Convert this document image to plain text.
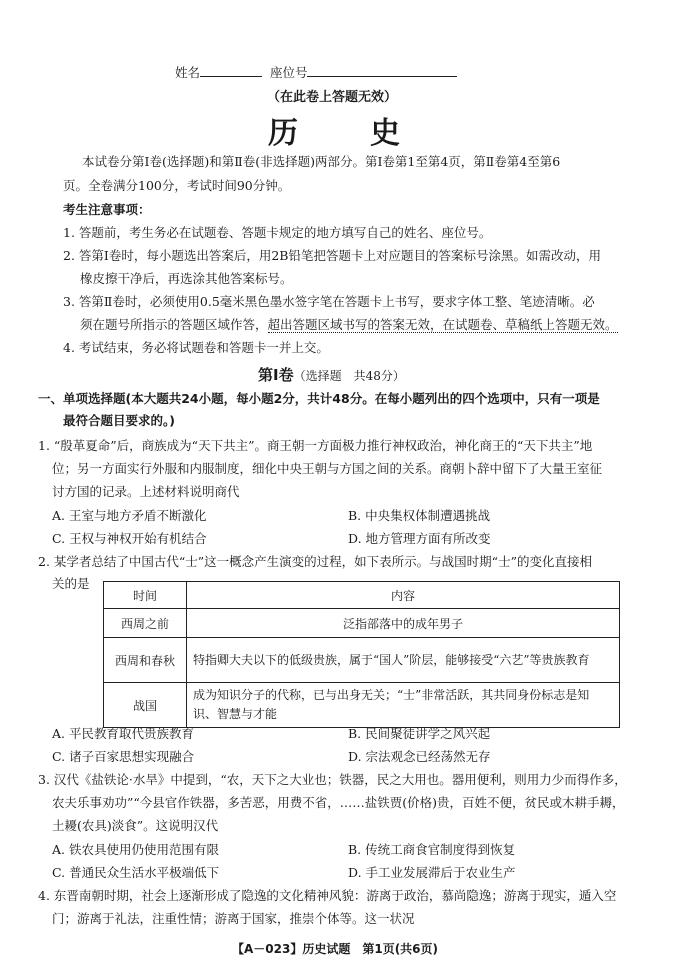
姓名	座位号
（在此卷上答题无效）
历　　史
本试卷分第Ⅰ卷(选择题)和第Ⅱ卷(非选择题)两部分。第Ⅰ卷第1至第4页，第Ⅱ卷第4至第6
页。全卷满分100分，考试时间90分钟。
考生注意事项：
1. 答题前，考生务必在试题卷、答题卡规定的地方填写自己的姓名、座位号。
2. 答第Ⅰ卷时，每小题选出答案后，用2B铅笔把答题卡上对应题目的答案标号涂黑。如需改动，用
橡皮擦干净后，再选涂其他答案标号。
3. 答第Ⅱ卷时，必须使用0.5毫米黑色墨水签字笔在答题卡上书写，要求字体工整、笔迹清晰。必
须在题号所指示的答题区域作答，超出答题区域书写的答案无效，在试题卷、草稿纸上答题无效。
4. 考试结束，务必将试题卷和答题卡一并上交。
第Ⅰ卷（选择题　共48分）
一、单项选择题(本大题共24小题，每小题2分，共计48分。在每小题列出的四个选项中，只有一项是
最符合题目要求的。)
1. “殷革夏命”后，商族成为“天下共主”。商王朝一方面极力推行神权政治，神化商王的“天下共主”地
位；另一方面实行外服和内服制度，细化中央王朝与方国之间的关系。商朝卜辞中留下了大量王室征
讨方国的记录。上述材料说明商代
A. 王室与地方矛盾不断激化	B. 中央集权体制遭遇挑战
C. 王权与神权开始有机结合	D. 地方管理方面有所改变
2. 某学者总结了中国古代“士”这一概念产生演变的过程，如下表所示。与战国时期“士”的变化直接相
关的是
时间	内容
西周之前	泛指部落中的成年男子
西周和春秋	特指卿大夫以下的低级贵族，属于“国人”阶层，能够接受“六艺”等贵族教育
战国	成为知识分子的代称，已与出身无关；“士”非常活跃，其共同身份标志是知识、智慧与才能
A. 平民教育取代贵族教育	B. 民间聚徒讲学之风兴起
C. 诸子百家思想实现融合	D. 宗法观念已经荡然无存
3. 汉代《盐铁论·水旱》中提到，“农，天下之大业也；铁器，民之大用也。器用便利，则用力少而得作多，
农夫乐事劝功”“今县官作铁器，多苦恶，用费不省，……盐铁贾(价格)贵，百姓不便，贫民或木耕手耨，
土耰(农具)淡食”。这说明汉代
A. 铁农具使用仍使用范围有限	B. 传统工商食官制度得到恢复
C. 普通民众生活水平极端低下	D. 手工业发展滞后于农业生产
4. 东晋南朝时期，社会上逐渐形成了隐逸的文化精神风貌：游离于政治，慕尚隐逸；游离于现实，遁入空
门；游离于礼法，注重性情；游离于国家，推崇个体等。这一状况
【A－023】历史试题　第1页(共6页)
